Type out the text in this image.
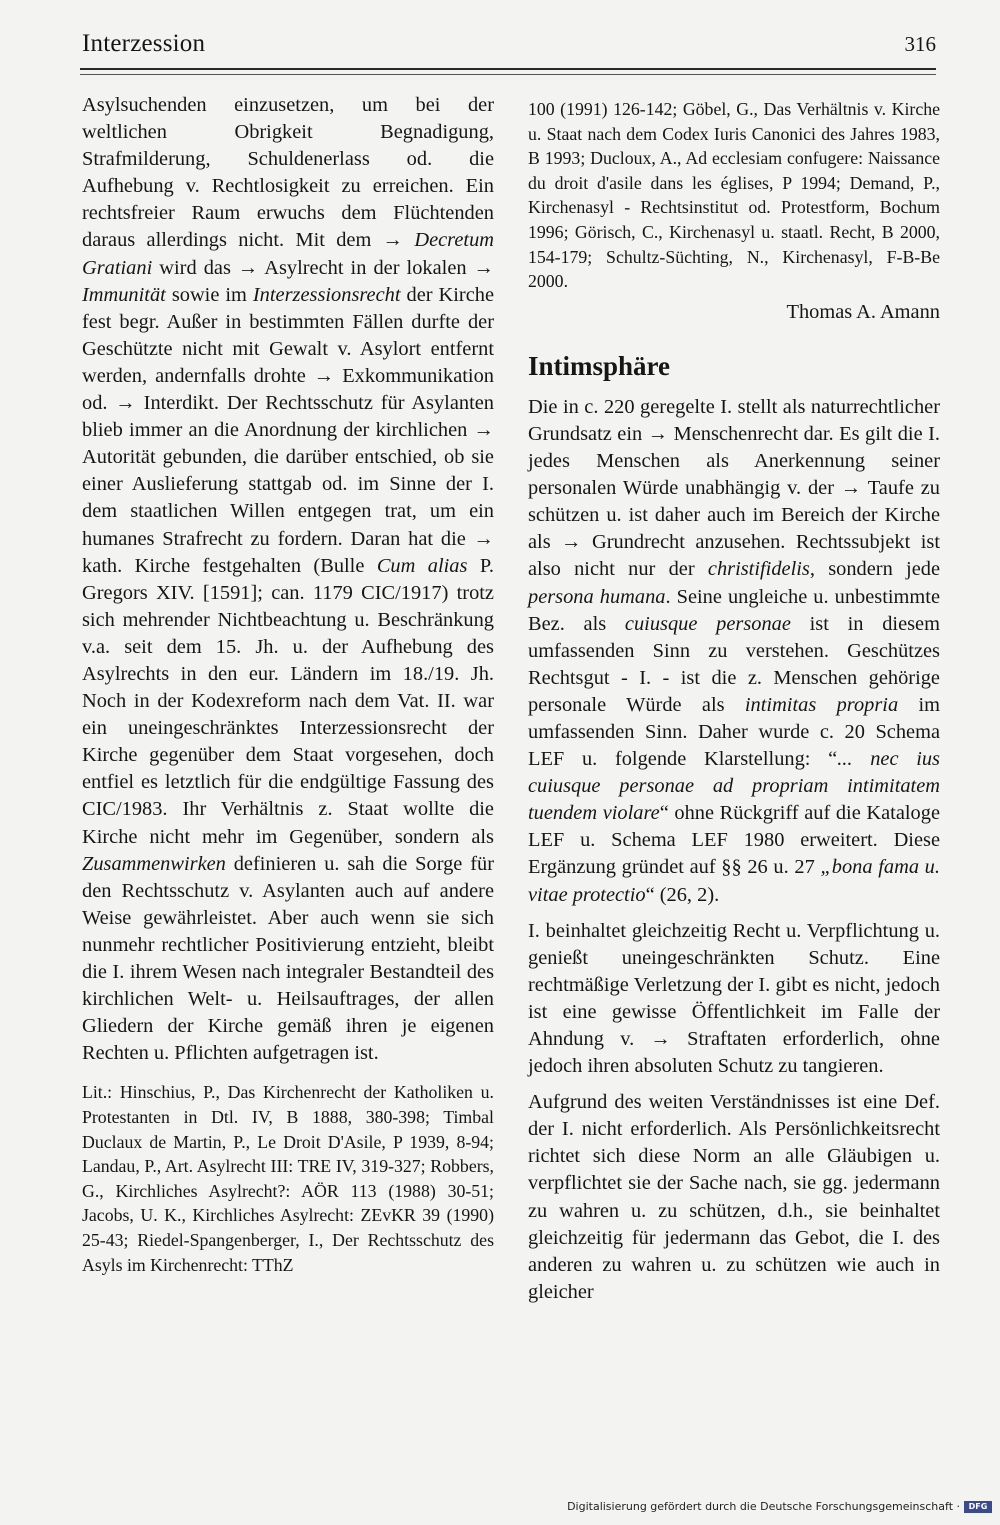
Interzession	316

Asylsuchenden einzusetzen, um bei der weltlichen Obrigkeit Begnadigung, Strafmilderung, Schuldenerlass od. die Aufhebung v. Rechtlosigkeit zu erreichen. Ein rechtsfreier Raum erwuchs dem Flüchtenden daraus allerdings nicht. Mit dem → Decretum Gratiani wird das → Asylrecht in der lokalen → Immunität sowie im Interzessionsrecht der Kirche fest begr. Außer in bestimmten Fällen durfte der Geschützte nicht mit Gewalt v. Asylort entfernt werden, andernfalls drohte → Exkommunikation od. → Interdikt. Der Rechtsschutz für Asylanten blieb immer an die Anordnung der kirchlichen → Autorität gebunden, die darüber entschied, ob sie einer Auslieferung stattgab od. im Sinne der I. dem staatlichen Willen entgegen trat, um ein humanes Strafrecht zu fordern. Daran hat die → kath. Kirche festgehalten (Bulle Cum alias P. Gregors XIV. [1591]; can. 1179 CIC/1917) trotz sich mehrender Nichtbeachtung u. Beschränkung v.a. seit dem 15. Jh. u. der Aufhebung des Asylrechts in den eur. Ländern im 18./19. Jh. Noch in der Kodexreform nach dem Vat. II. war ein uneingeschränktes Interzessionsrecht der Kirche gegenüber dem Staat vorgesehen, doch entfiel es letztlich für die endgültige Fassung des CIC/1983. Ihr Verhältnis z. Staat wollte die Kirche nicht mehr im Gegenüber, sondern als Zusammenwirken definieren u. sah die Sorge für den Rechtsschutz v. Asylanten auch auf andere Weise gewährleistet. Aber auch wenn sie sich nunmehr rechtlicher Positivierung entzieht, bleibt die I. ihrem Wesen nach integraler Bestandteil des kirchlichen Welt- u. Heilsauftrages, der allen Gliedern der Kirche gemäß ihren je eigenen Rechten u. Pflichten aufgetragen ist.

Lit.: Hinschius, P., Das Kirchenrecht der Katholiken u. Protestanten in Dtl. IV, B 1888, 380-398; Timbal Duclaux de Martin, P., Le Droit D'Asile, P 1939, 8-94; Landau, P., Art. Asylrecht III: TRE IV, 319-327; Robbers, G., Kirchliches Asylrecht?: AÖR 113 (1988) 30-51; Jacobs, U. K., Kirchliches Asylrecht: ZEvKR 39 (1990) 25-43; Riedel-Spangenberger, I., Der Rechtsschutz des Asyls im Kirchenrecht: TThZ

100 (1991) 126-142; Göbel, G., Das Verhältnis v. Kirche u. Staat nach dem Codex Iuris Canonici des Jahres 1983, B 1993; Ducloux, A., Ad ecclesiam confugere: Naissance du droit d'asile dans les églises, P 1994; Demand, P., Kirchenasyl - Rechtsinstitut od. Protestform, Bochum 1996; Görisch, C., Kirchenasyl u. staatl. Recht, B 2000, 154-179; Schultz-Süchting, N., Kirchenasyl, F-B-Be 2000.

Thomas A. Amann

Intimsphäre

Die in c. 220 geregelte I. stellt als naturrechtlicher Grundsatz ein → Menschenrecht dar. Es gilt die I. jedes Menschen als Anerkennung seiner personalen Würde unabhängig v. der → Taufe zu schützen u. ist daher auch im Bereich der Kirche als → Grundrecht anzusehen. Rechtssubjekt ist also nicht nur der christifidelis, sondern jede persona humana. Seine ungleiche u. unbestimmte Bez. als cuiusque personae ist in diesem umfassenden Sinn zu verstehen. Geschützes Rechtsgut - I. - ist die z. Menschen gehörige personale Würde als intimitas propria im umfassenden Sinn. Daher wurde c. 20 Schema LEF u. folgende Klarstellung: “... nec ius cuiusque personae ad propriam intimitatem tuendem violare“ ohne Rückgriff auf die Kataloge LEF u. Schema LEF 1980 erweitert. Diese Ergänzung gründet auf §§ 26 u. 27 „bona fama u. vitae protectio“ (26, 2).

I. beinhaltet gleichzeitig Recht u. Verpflichtung u. genießt uneingeschränkten Schutz. Eine rechtmäßige Verletzung der I. gibt es nicht, jedoch ist eine gewisse Öffentlichkeit im Falle der Ahndung v. → Straftaten erforderlich, ohne jedoch ihren absoluten Schutz zu tangieren.

Aufgrund des weiten Verständnisses ist eine Def. der I. nicht erforderlich. Als Persönlichkeitsrecht richtet sich diese Norm an alle Gläubigen u. verpflichtet sie der Sache nach, sie gg. jedermann zu wahren u. zu schützen, d.h., sie beinhaltet gleichzeitig für jedermann das Gebot, die I. des anderen zu wahren u. zu schützen wie auch in gleicher

Digitalisierung gefördert durch die Deutsche Forschungsgemeinschaft ·	DFG
